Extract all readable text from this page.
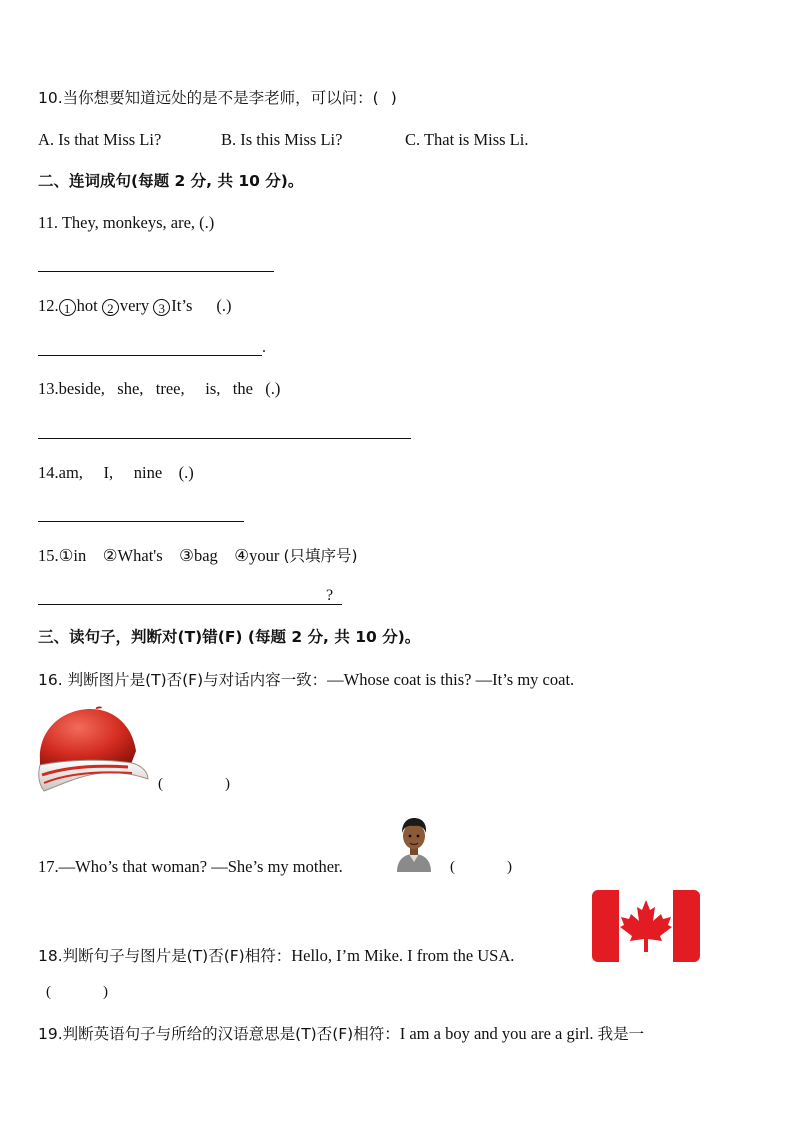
10.当你想要知道远处的是不是李老师，可以问：( )
A. Is that Miss Li?	B. Is this Miss Li?	C. That is Miss Li.
二、连词成句(每题 2 分, 共 10 分)。
11. They, monkeys, are, (.)
12. 1 hot 2 very 3 It’s (.)
.
13.beside,   she,   tree,     is,   the   (.)
14.am,     I,     nine    (.)
15.①in    ②What's    ③bag    ④your (只填序号)
?
三、读句子，判断对(T)错(F) (每题 2 分, 共 10 分)。
16. 判断图片是(T)否(F)与对话内容一致：—Whose coat is this? —It’s my coat.
(	)
17.—Who’s that woman? —She’s my mother.	(	)
18.判断句子与图片是(T)否(F)相符：Hello, I’m Mike. I from the USA.
(	)
19.判断英语句子与所给的汉语意思是(T)否(F)相符：I am a boy and you are a girl. 我是一
